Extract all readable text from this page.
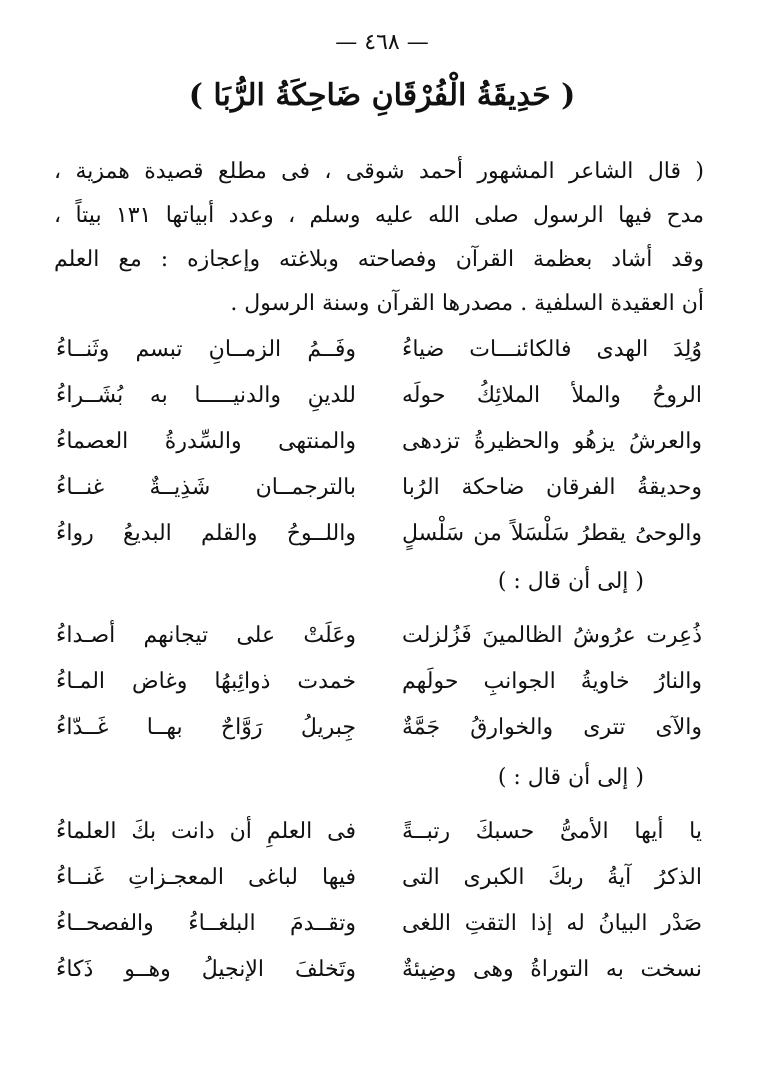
— ٤٦٨ —
( حَدِيقَةُ الْفُرْقَانِ ضَاحِكَةُ الرُّبَا )
( قال الشاعر المشهور أحمد شوقى ، فى مطلع قصيدة همزية ،
مدح فيها الرسول صلى الله عليه وسلم ، وعدد أبياتها ١٣١ بيتاً ،
وقد أشاد بعظمة القرآن وفصاحته وبلاغته وإعجازه : مع العلم
أن العقيدة السلفية . مصدرها القرآن وسنة الرسول .
وُلِدَ الهدى فالكائنـــات ضياءُ
وفَــمُ الزمــانِ تبسم وثَنــاءُ
الروحُ والملأ الملائِكُ حولَه
للدينِ والدنيـــــا به بُشَــراءُ
والعرشُ يزهُو والحظيرةُ تزدهى
والمنتهى والسِّدرةُ العصماءُ
وحديقةُ الفرقان ضاحكة الرُبا
بالترجمــان شَذِيــةٌ غنــاءُ
والوحىُ يقطرُ سَلْسَلاً من سَلْسلٍ
واللــوحُ والقلم البديعُ رواءُ
( إلى أن قال : )
ذُعِرت عرُوشُ الظالمينَ فَزُلزلت
وعَلَتْ على تيجانهم أصـداءُ
والنارُ خاويةُ الجوانبِ حولَهم
خمدت ذوائِبهُا وغاض المـاءُ
والآى تترى والخوارقُ جَمَّةٌ
جِبريلُ رَوَّاحٌ بهــا غَــدّاءُ
( إلى أن قال : )
يا أيها الأمىُّ حسبكَ رتبــةً
فى العلمِ أن دانت بكَ العلماءُ
الذكرُ آيةُ ربكَ الكبرى التى
فيها لباغى المعجـزاتِ غَنــاءُ
صَدْر البيانُ له إذا التقتِ اللغى
وتقــدمَ البلغــاءُ والفصحــاءُ
نسخت به التوراةُ وهى وضِيئةٌ
وتَخلفَ الإنجيلُ وهــو ذَكاءُ
